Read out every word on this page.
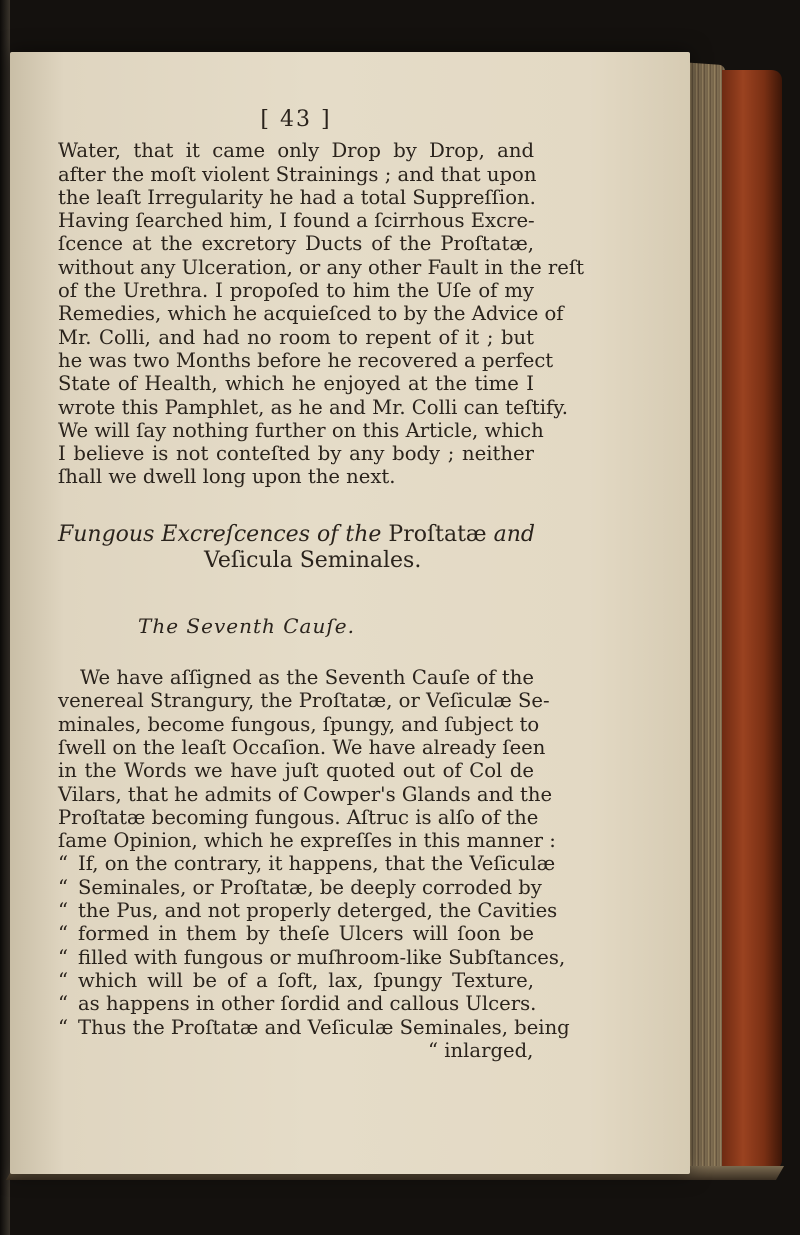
[ 43 ]
Water, that it came only Drop by Drop, and
after the moſt violent Strainings ; and that upon
the leaſt Irregularity he had a total Suppreſſion.
Having ſearched him, I found a ſcirrhous Excre-
ſcence at the excretory Ducts of the Proſtatæ,
without any Ulceration, or any other Fault in the reſt
of the Urethra. I propoſed to him the Uſe of my
Remedies, which he acquieſced to by the Advice of
Mr. Colli, and had no room to repent of it ; but
he was two Months before he recovered a perfect
State of Health, which he enjoyed at the time I
wrote this Pamphlet, as he and Mr. Colli can teſtify.
We will ſay nothing further on this Article, which
I believe is not conteſted by any body ; neither
ſhall we dwell long upon the next.
Fungous Excreſcences of the Proſtatæ and
Veſicula Seminales.
The Seventh Cauſe.
We have aſſigned as the Seventh Cauſe of the
venereal Strangury, the Proſtatæ, or Veſiculæ Se-
minales, become fungous, ſpungy, and ſubject to
ſwell on the leaſt Occaſion. We have already ſeen
in the Words we have juſt quoted out of Col de
Vilars, that he admits of Cowper's Glands and the
Proſtatæ becoming fungous. Aſtruc is alſo of the
ſame Opinion, which he expreſſes in this manner :
“ If, on the contrary, it happens, that the Veſiculæ
“ Seminales, or Proſtatæ, be deeply corroded by
“ the Pus, and not properly deterged, the Cavities
“ formed in them by theſe Ulcers will ſoon be
“ filled with fungous or muſhroom-like Subſtances,
“ which will be of a ſoft, lax, ſpungy Texture,
“ as happens in other ſordid and callous Ulcers.
“ Thus the Proſtatæ and Veſiculæ Seminales, being
“ inlarged,
